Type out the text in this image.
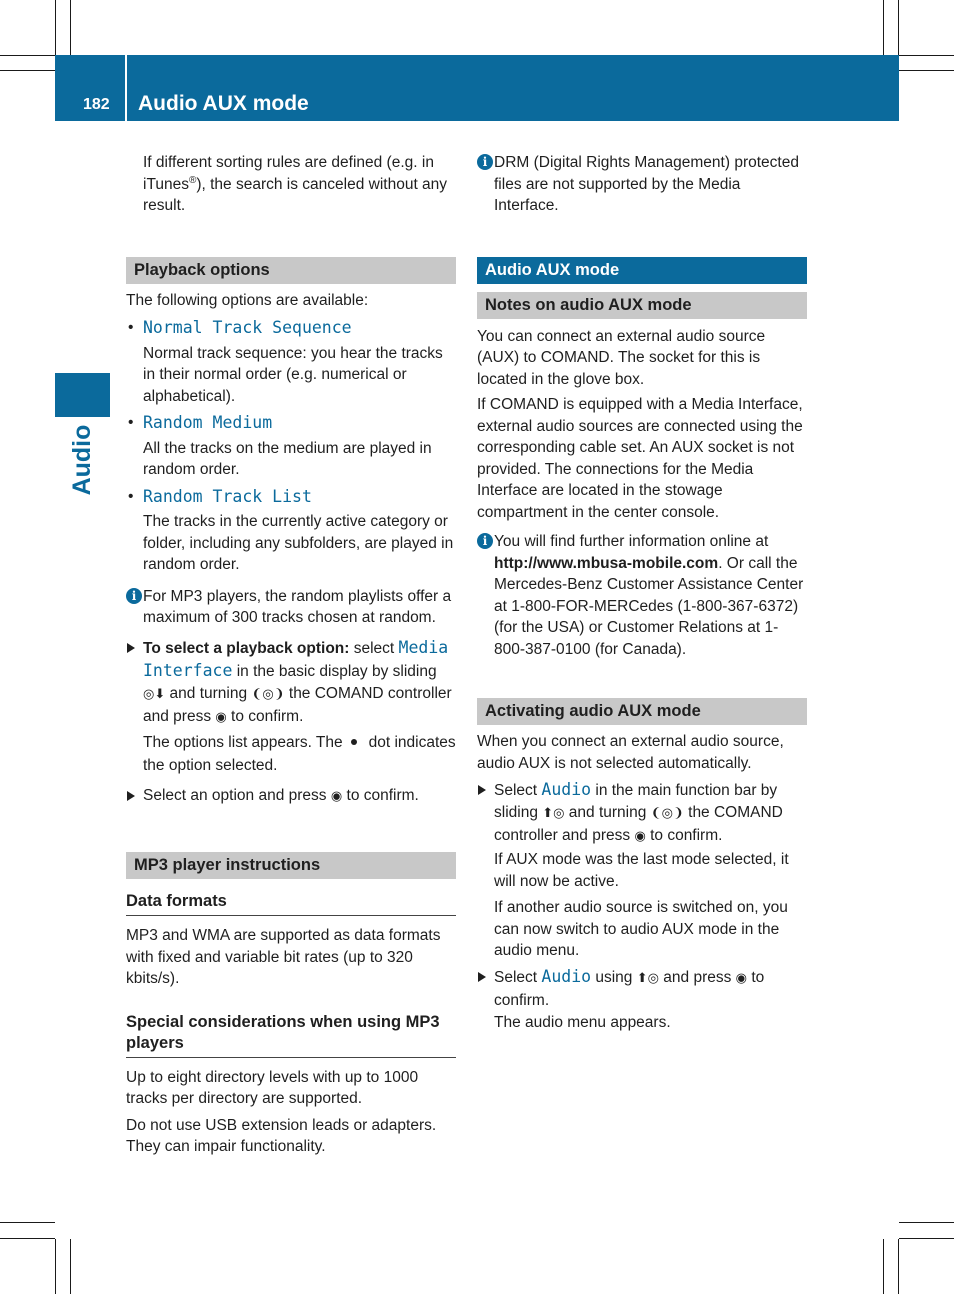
182 Audio AUX mode
Audio

If different sorting rules are defined (e.g. in iTunes®), the search is canceled without any result.

Playback options

The following options are available:

• Normal Track Sequence

Normal track sequence: you hear the tracks in their normal order (e.g. numerical or alphabetical).

• Random Medium

All the tracks on the medium are played in random order.

• Random Track List

The tracks in the currently active category or folder, including any subfolders, are played in random order.

i For MP3 players, the random playlists offer a maximum of 300 tracks chosen at random.

To select a playback option: select Media Interface in the basic display by sliding ◎⬇ and turning ❨◎❩ the COMAND controller and press ◉ to confirm.

The options list appears. The dot indicates the option selected.

Select an option and press ◉ to confirm.

MP3 player instructions
Data formats

MP3 and WMA are supported as data formats with fixed and variable bit rates (up to 320 kbits/s).

Special considerations when using MP3 players

Up to eight directory levels with up to 1000 tracks per directory are supported.

Do not use USB extension leads or adapters. They can impair functionality.

i DRM (Digital Rights Management) protected files are not supported by the Media Interface.
Audio AUX mode
Notes on audio AUX mode

You can connect an external audio source (AUX) to COMAND. The socket for this is located in the glove box.

If COMAND is equipped with a Media Interface, external audio sources are connected using the corresponding cable set. An AUX socket is not provided. The connections for the Media Interface are located in the stowage compartment in the center console.

i You will find further information online at http://www.mbusa-mobile.com. Or call the Mercedes-Benz Customer Assistance Center at 1-800-FOR-MERCedes (1-800-367-6372) (for the USA) or Customer Relations at 1-800-387-0100 (for Canada).
Activating audio AUX mode

When you connect an external audio source, audio AUX is not selected automatically.

Select Audio in the main function bar by sliding ⬆◎ and turning ❨◎❩ the COMAND controller and press ◉ to confirm.

If AUX mode was the last mode selected, it will now be active.

If another audio source is switched on, you can now switch to audio AUX mode in the audio menu.

Select Audio using ⬆◎ and press ◉ to confirm.

The audio menu appears.
